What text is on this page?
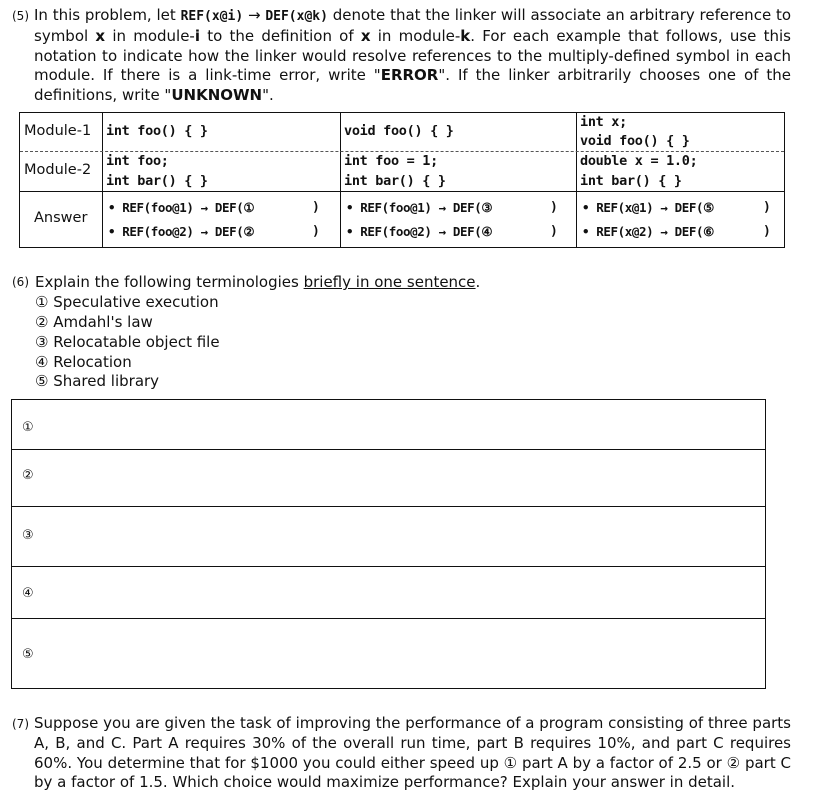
(5) In this problem, let REF(x@i) → DEF(x@k) denote that the linker will associate an arbitrary reference to symbol x in module-i to the definition of x in module-k. For each example that follows, use this notation to indicate how the linker would resolve references to the multiply-defined symbol in each module. If there is a link-time error, write "ERROR". If the linker arbitrarily chooses one of the definitions, write "UNKNOWN".
Module-1
Module-2
Answer
int foo() { }
int foo;
int bar() { }
• REF(foo@1) → DEF(①
• REF(foo@2) → DEF(②
)
)
void foo() { }
int foo = 1;
int bar() { }
• REF(foo@1) → DEF(③
• REF(foo@2) → DEF(④
)
)
int x;
void foo() { }
double x = 1.0;
int bar() { }
• REF(x@1) → DEF(⑤
• REF(x@2) → DEF(⑥
)
)
(6) Explain the following terminologies briefly in one sentence.
① Speculative execution
② Amdahl's law
③ Relocatable object file
④ Relocation
⑤ Shared library
①
②
③
④
⑤
(7) Suppose you are given the task of improving the performance of a program consisting of three parts A, B, and C. Part A requires 30% of the overall run time, part B requires 10%, and part C requires 60%. You determine that for $1000 you could either speed up ① part A by a factor of 2.5 or ② part C by a factor of 1.5. Which choice would maximize performance? Explain your answer in detail.
